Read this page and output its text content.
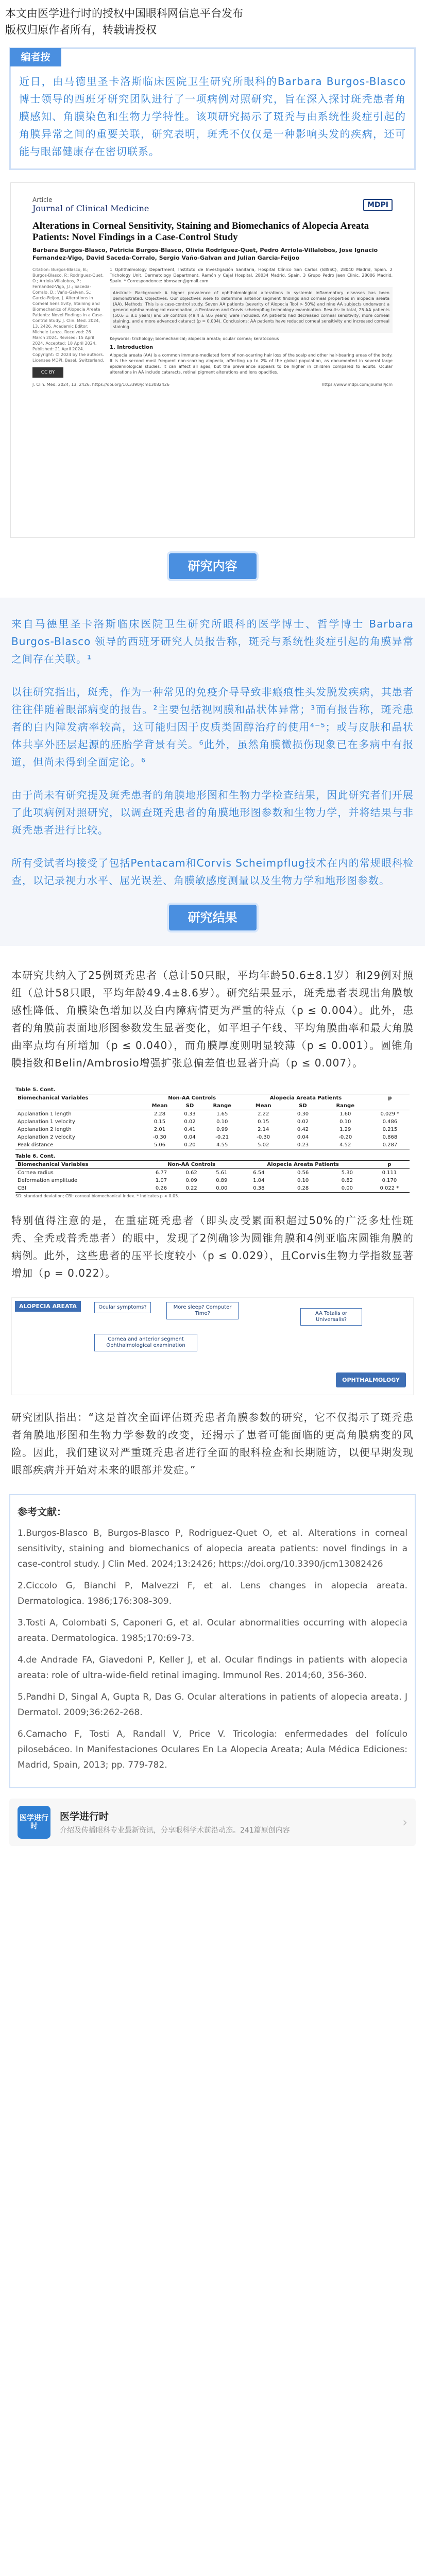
本文由医学进行时的授权中国眼科网信息平台发布
版权归原作者所有，转载请授权
编者按
近日，由马德里圣卡洛斯临床医院卫生研究所眼科的Barbara Burgos-Blasco博士领导的西班牙研究团队进行了一项病例对照研究，旨在深入探讨斑秃患者角膜感知、角膜染色和生物力学特性。该项研究揭示了斑秃与由系统性炎症引起的角膜异常之间的重要关联，研究表明，斑秃不仅仅是一种影响头发的疾病，还可能与眼部健康存在密切联系。
Article
Journal of Clinical Medicine	MDPI
Alterations in Corneal Sensitivity, Staining and Biomechanics of Alopecia Areata Patients: Novel Findings in a Case-Control Study
Barbara Burgos-Blasco, Patricia Burgos-Blasco, Olivia Rodriguez-Quet, Pedro Arriola-Villalobos, Jose Ignacio Fernandez-Vigo, David Saceda-Corralo, Sergio Vaño-Galvan and Julian Garcia-Feijoo
Citation: Burgos-Blasco, B.; Burgos-Blasco, P.; Rodriguez-Quet, O.; Arriola-Villalobos, P.; Fernandez-Vigo, J.I.; Saceda-Corralo, D.; Vaño-Galvan, S.; Garcia-Feijoo, J. Alterations in Corneal Sensitivity, Staining and Biomechanics of Alopecia Areata Patients: Novel Findings in a Case-Control Study. J. Clin. Med. 2024, 13, 2426. Academic Editor: Michele Lanza. Received: 26 March 2024. Revised: 15 April 2024. Accepted: 18 April 2024. Published: 21 April 2024. Copyright: © 2024 by the authors. Licensee MDPI, Basel, Switzerland.
CC BY

1 Ophthalmology Department, Instituto de Investigación Sanitaria, Hospital Clínico San Carlos (IdISSC), 28040 Madrid, Spain. 2 Trichology Unit, Dermatology Department, Ramón y Cajal Hospital, 28034 Madrid, Spain. 3 Grupo Pedro Jaen Clinic, 28006 Madrid, Spain. * Correspondence: bbmsaen@gmail.com

Abstract: Background: A higher prevalence of ophthalmological alterations in systemic inflammatory diseases has been demonstrated. Objectives: Our objectives were to determine anterior segment findings and corneal properties in alopecia areata (AA). Methods: This is a case-control study. Seven AA patients (severity of Alopecia Tool > 50%) and nine AA subjects underwent a general ophthalmological examination, a Pentacam and Corvis scheimpflug technology examination. Results: In total, 25 AA patients (50.6 ± 8.1 years) and 29 controls (49.4 ± 8.6 years) were included. AA patients had decreased corneal sensitivity, more corneal staining, and a more advanced cataract (p = 0.004). Conclusions: AA patients have reduced corneal sensitivity and increased corneal staining.

Keywords: trichology; biomechanical; alopecia areata; ocular cornea; keratoconus

1. Introduction

Alopecia areata (AA) is a common immune-mediated form of non-scarring hair loss of the scalp and other hair-bearing areas of the body. It is the second most frequent non-scarring alopecia, affecting up to 2% of the global population, as documented in several large epidemiological studies. It can affect all ages, but the prevalence appears to be higher in children compared to adults. Ocular alterations in AA include cataracts, retinal pigment alterations and lens opacities.

J. Clin. Med. 2024, 13, 2426. https://doi.org/10.3390/jcm13082426	https://www.mdpi.com/journal/jcm
研究内容

来自马德里圣卡洛斯临床医院卫生研究所眼科的医学博士、哲学博士 Barbara Burgos-Blasco 领导的西班牙研究人员报告称，斑秃与系统性炎症引起的角膜异常之间存在关联。¹

以往研究指出，斑秃，作为一种常见的免疫介导导致非瘢痕性头发脱发疾病，其患者往往伴随着眼部病变的报告。²主要包括视网膜和晶状体异常；³而有报告称，斑秃患者的白内障发病率较高，这可能归因于皮质类固醇治疗的使用⁴⁻⁵；或与皮肤和晶状体共享外胚层起源的胚胎学背景有关。⁶此外，虽然角膜微损伤现象已在多病中有报道，但尚未得到全面定论。⁶

由于尚未有研究提及斑秃患者的角膜地形图和生物力学检查结果，因此研究者们开展了此项病例对照研究，以调查斑秃患者的角膜地形图参数和生物力学，并将结果与非斑秃患者进行比较。

所有受试者均接受了包括Pentacam和Corvis Scheimpflug技术在内的常规眼科检查，以记录视力水平、屈光误差、角膜敏感度测量以及生物力学和地形图参数。

研究结果

本研究共纳入了25例斑秃患者（总计50只眼，平均年龄50.6±8.1岁）和29例对照组（总计58只眼，平均年龄49.4±8.6岁）。研究结果显示，斑秃患者表现出角膜敏感性降低、角膜染色增加以及白内障病情更为严重的特点（p ≤ 0.004）。此外，患者的角膜前表面地形图参数发生显著变化，如平坦子午线、平均角膜曲率和最大角膜曲率点均有所增加（p ≤ 0.040），而角膜厚度则明显较薄（p ≤ 0.001）。圆锥角膜指数和Belin/Ambrosio增强扩张总偏差值也显著升高（p ≤ 0.007）。

Table 5. Cont.
Biomechanical Variables	Non-AA Controls			Alopecia Areata Patients			p
	Mean	SD	Range	Mean	SD	Range	
Applanation 1 length	2.28	0.33	1.65	2.22	0.30	1.60	0.029 *
Applanation 1 velocity	0.15	0.02	0.10	0.15	0.02	0.10	0.486
Applanation 2 length	2.01	0.41	0.99	2.14	0.42	1.29	0.215
Applanation 2 velocity	-0.30	0.04	-0.21	-0.30	0.04	-0.20	0.868
Peak distance	5.06	0.20	4.55	5.02	0.23	4.52	0.287
Table 6. Cont.
Biomechanical Variables	Non-AA Controls			Alopecia Areata Patients			p
Cornea radius	6.77	0.62	5.61	6.54	0.56	5.30	0.111
Deformation amplitude	1.07	0.09	0.89	1.04	0.10	0.82	0.170
CBI	0.26	0.22	0.00	0.38	0.28	0.00	0.022 *
SD: standard deviation; CBI: corneal biomechanical index. * Indicates p < 0.05.

特别值得注意的是，在重症斑秃患者（即头皮受累面积超过50%的广泛多灶性斑秃、全秃或普秃患者）的眼中，发现了2例确诊为圆锥角膜和4例亚临床圆锥角膜的病例。此外，这些患者的压平长度较小（p ≤ 0.029），且Corvis生物力学指数显著增加（p = 0.022）。

ALOPECIA AREATA	Ocular symptoms?	More sleep? Computer Time?
Cornea and anterior segment Ophthalmological examination
AA Totalis or Universalis?
OPHTHALMOLOGY

研究团队指出：“这是首次全面评估斑秃患者角膜参数的研究，它不仅揭示了斑秃患者角膜地形图和生物力学参数的改变，还揭示了患者可能面临的更高角膜病变的风险。因此，我们建议对严重斑秃患者进行全面的眼科检查和长期随访，以便早期发现眼部疾病并开始对未来的眼部并发症。”

参考文献：
1.Burgos-Blasco B, Burgos-Blasco P, Rodriguez-Quet O, et al. Alterations in corneal sensitivity, staining and biomechanics of alopecia areata patients: novel findings in a case-control study. J Clin Med. 2024;13:2426; https://doi.org/10.3390/jcm13082426
2.Ciccolo G, Bianchi P, Malvezzi F, et al. Lens changes in alopecia areata. Dermatologica. 1986;176:308-309.
3.Tosti A, Colombati S, Caponeri G, et al. Ocular abnormalities occurring with alopecia areata. Dermatologica. 1985;170:69-73.
4.de Andrade FA, Giavedoni P, Keller J, et al. Ocular findings in patients with alopecia areata: role of ultra-wide-field retinal imaging. Immunol Res. 2014;60, 356-360.
5.Pandhi D, Singal A, Gupta R, Das G. Ocular alterations in patients of alopecia areata. J Dermatol. 2009;36:262-268.
6.Camacho F, Tosti A, Randall V, Price V. Tricologia: enfermedades del folículo pilosebáceo. In Manifestaciones Oculares En La Alopecia Areata; Aula Médica Ediciones: Madrid, Spain, 2013; pp. 779-782.
医学进行时
医学进行时
介绍及传播眼科专业最新资讯，分享眼科学术前沿动态。241篇原创内容
›
